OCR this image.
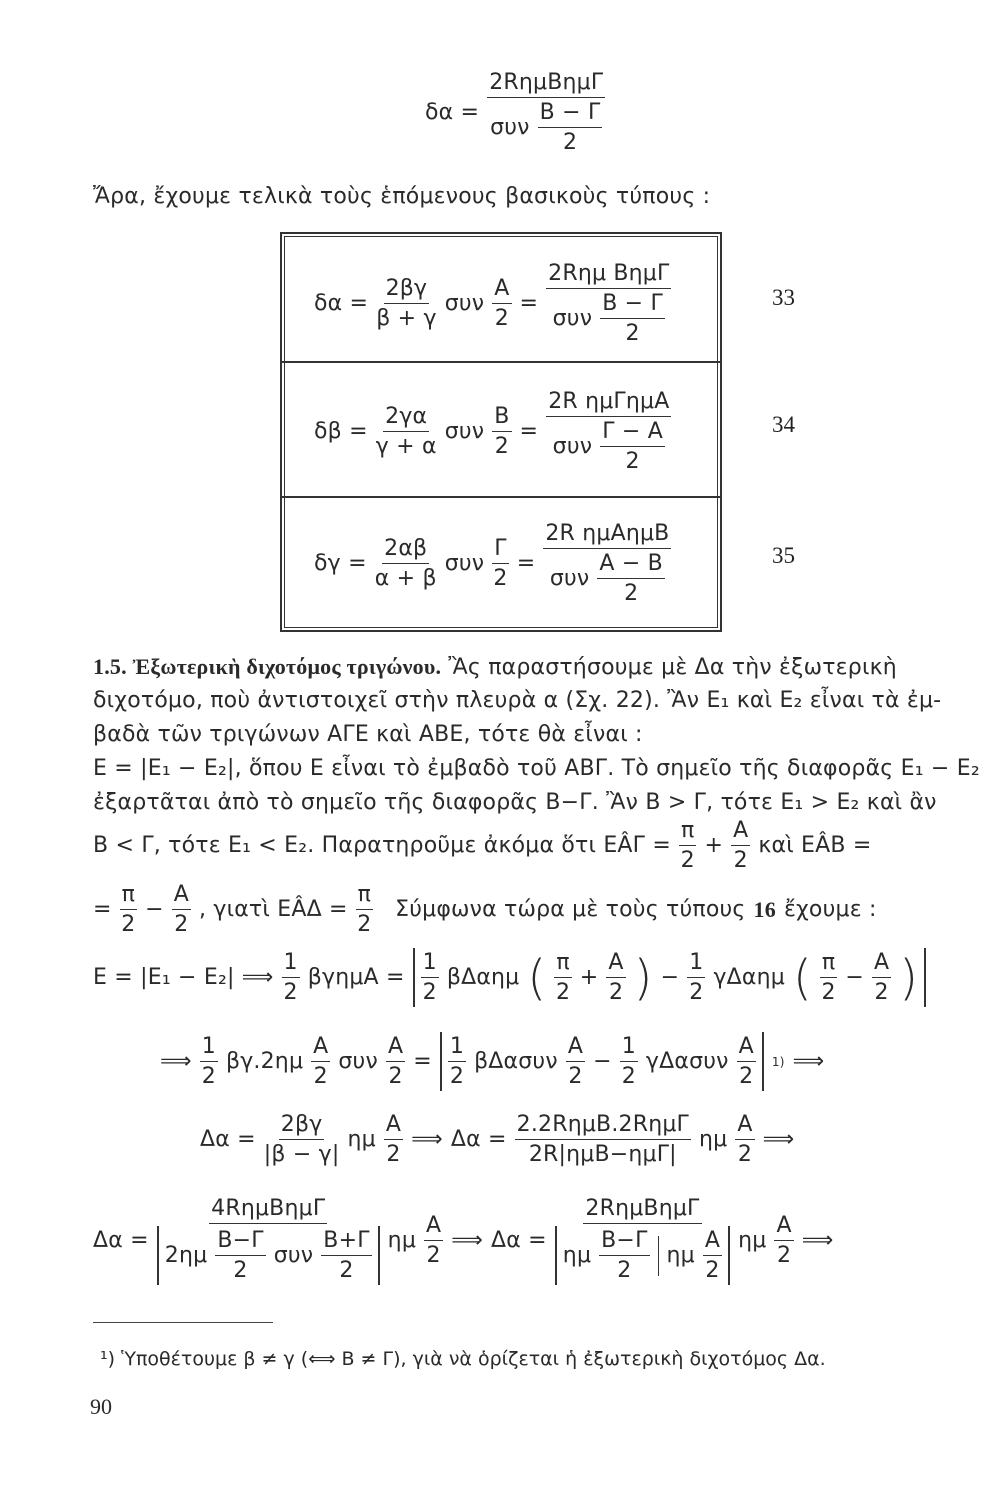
$\delta\alpha = \frac{\text{2RημBημΓ}}{\sigma\upsilon\nu \frac{B - \Gamma}{2}}$
Ἄρα, ἔχουμε τελικὰ τοὺς ἑπόμενους βασικοὺς τύπους :
$\delta\alpha = \frac{2\beta\gamma}{\beta + \gamma}$ συν $\frac{A}{2} = \frac{\text{2Rημ BημΓ}}{\sigma\upsilon\nu \frac{B - \Gamma}{2}}$
$\delta\beta = \frac{2\gamma\alpha}{\gamma + \alpha}$ συν $\frac{B}{2} = \frac{\text{2R ημΓημA}}{\sigma\upsilon\nu \frac{\Gamma - A}{2}}$
$\delta\gamma = \frac{2\alpha\beta}{\alpha + \beta}$ συν $\frac{\Gamma}{2} = \frac{\text{2R ημAημB}}{\sigma\upsilon\nu \frac{A - B}{2}}$
33
34
35
1.5. Ἐξωτερικὴ διχοτόμος τριγώνου. Ἂς παραστήσουμε μὲ Δα τὴν ἐξωτερικὴ
διχοτόμο, ποὺ ἀντιστοιχεῖ στὴν πλευρὰ α (Σχ. 22). Ἂν E₁ καὶ E₂ εἶναι τὰ ἐμ-
βαδὰ τῶν τριγώνων AΓE καὶ ABE, τότε θὰ εἶναι :
E = |E₁ − E₂|, ὅπου E εἶναι τὸ ἐμβαδὸ τοῦ ABΓ. Τὸ σημεῖο τῆς διαφορᾶς E₁ − E₂
ἐξαρτᾶται ἀπὸ τὸ σημεῖο τῆς διαφορᾶς B−Γ. Ἂν B > Γ, τότε E₁ > E₂ καὶ ἂν
B < Γ, τότε E₁ < E₂. Παρατηροῦμε ἀκόμα ὅτι EÂΓ = $\frac{\pi}{2} + \frac{A}{2}$ καὶ EÂB =
= $\frac{\pi}{2} - \frac{A}{2}$ , γιατὶ EÂΔ = $\frac{\pi}{2}$ Σύμφωνα τώρα μὲ τοὺς τύπους 16 ἔχουμε :
E = |E₁ − E₂| ⟹ $\frac{1}{2}$ $\beta\gamma\eta\mu A = \frac{1}{2}$ βΔαημ ( $\frac{\pi}{2} + \frac{A}{2}$ ) − $\frac{1}{2}$ γΔαημ ( $\frac{\pi}{2} - \frac{A}{2}$ )
⟹ $\frac{1}{2} \beta\gamma.2\eta\mu \frac{A}{2}$ συν $\frac{A}{2} = \frac{1}{2}$ βΔασυν $\frac{A}{2} - \frac{1}{2}$ γΔασυν $\frac{A}{2} 1$) ⟹
$\Delta\alpha = \frac{2\beta\gamma}{|\beta - \gamma|}$ ημ $\frac{A}{2}$ ⟹ $\Delta\alpha = \frac{\text{2.2RημB.2RημΓ}}{\text{2R|ημB−ημΓ|}}$ ημ $\frac{A}{2}$ ⟹
$\Delta\alpha = \frac{\text{4RημBημΓ}}{2\eta\mu \frac{B-\Gamma}{2} \sigma\upsilon\nu \frac{B+\Gamma}{2}}$ ημ $\frac{A}{2}$ ⟹ $\Delta\alpha = \frac{\text{2RημBημΓ}}{\eta\mu \frac{B-\Gamma}{2} \eta\mu \frac{A}{2}}$ ημ $\frac{A}{2}$ ⟹
¹) Ὑποθέτουμε β ≠ γ (⟺ B ≠ Γ), γιὰ νὰ ὁρίζεται ἡ ἐξωτερικὴ διχοτόμος Δα.
90
